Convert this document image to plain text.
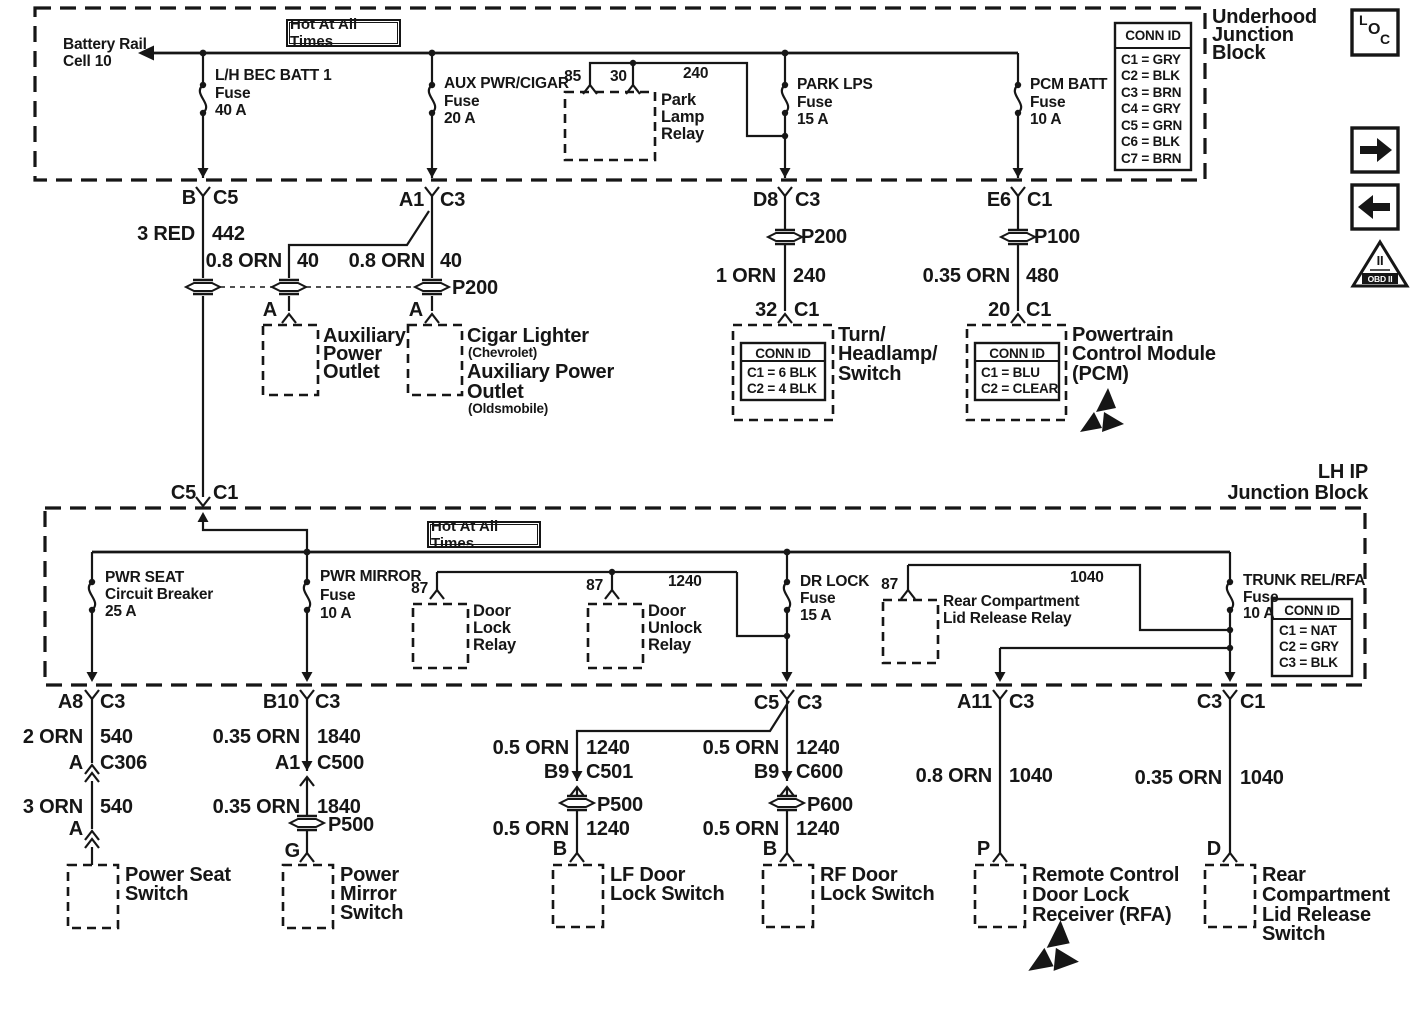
Hot At All Times
Battery Rail
Cell 10
L/H BEC BATT 1
Fuse
40 A
AUX PWR/CIGAR
Fuse
20 A
85 30	240
Park
Lamp
Relay
PARK LPS
Fuse
15 A
PCM BATT
Fuse
10 A
CONN ID
C1 = GRY
C2 = BLK
C3 = BRN
C4 = GRY
C5 = GRN
C6 = BLK
C7 = BRN
Underhood
Junction
Block
B C5	A1 C3	D8 C3	E6 C1
3 RED 442
0.8 ORN 40 0.8 ORN 40
P200
A	A
Auxiliary
Power
Outlet
Cigar Lighter
(Chevrolet)
Auxiliary Power
Outlet
(Oldsmobile)
P200
1 ORN 240
32 C1
CONN ID
C1 = 6 BLK
C2 = 4 BLK
Turn/
Headlamp/
Switch
P100
0.35 ORN 480
20 C1
CONN ID
C1 = BLU
C2 = CLEAR
Powertrain
Control Module
(PCM)
C5 C1
LH IP
Junction Block
Hot At All Times
PWR SEAT
Circuit Breaker
25 A
PWR MIRROR
Fuse
10 A
87
Door
Lock
Relay
87	1240
Door
Unlock
Relay
DR LOCK
Fuse
15 A
87	1040
Rear Compartment
Lid Release Relay
TRUNK REL/RFA
Fuse
10 A CONN ID
C1 = NAT
C2 = GRY
C3 = BLK
A8 C3	B10 C3	C5 C3	A11 C3	C3 C1
2 ORN 540
A C306
3 ORN 540
A
Power Seat
Switch
0.35 ORN 1840
A1 C500
0.35 ORN 1840
P500
G
Power
Mirror
Switch
0.5 ORN 1240
B9 C501
P500
0.5 ORN 1240
B
LF Door
Lock Switch
0.5 ORN 1240
B9 C600
P600
0.5 ORN 1240
B
RF Door
Lock Switch
0.8 ORN 1040
P
Remote Control
Door Lock
Receiver (RFA)
0.35 ORN 1040
D
Rear
Compartment
Lid Release
Switch
L
O
C
II
OBD II
